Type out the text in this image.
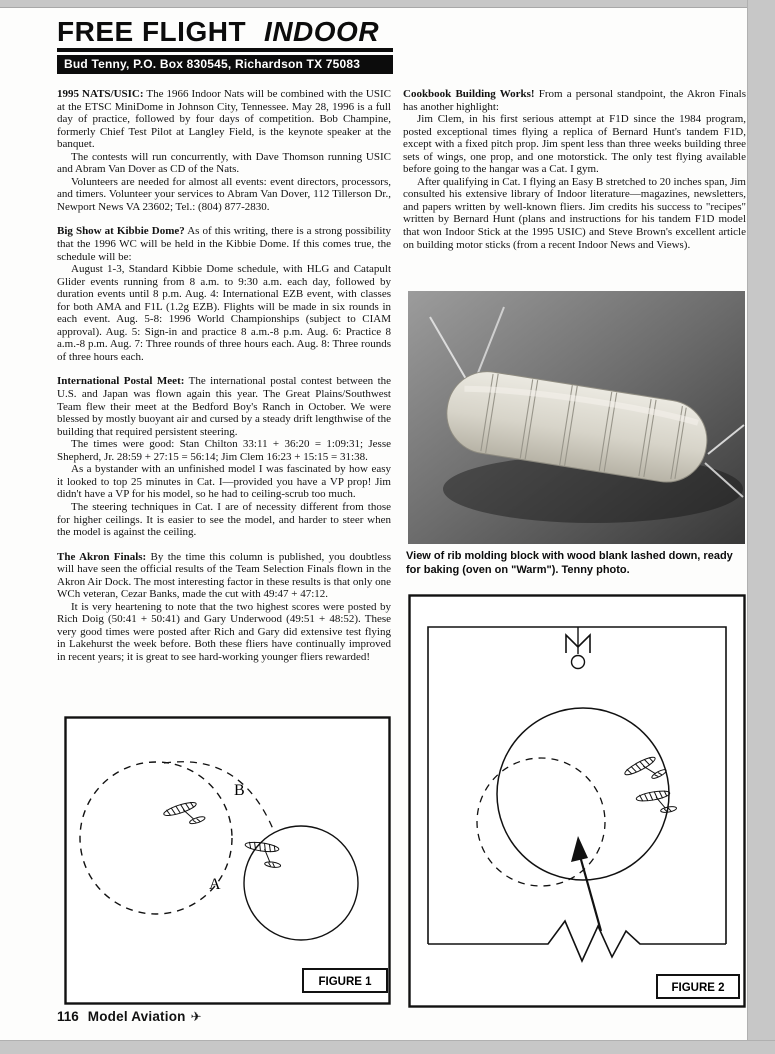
FREE FLIGHT INDOOR
Bud Tenny, P.O. Box 830545, Richardson TX 75083

1995 NATS/USIC: The 1966 Indoor Nats will be combined with the USIC at the ETSC MiniDome in Johnson City, Tennessee. May 28, 1996 is a full day of practice, followed by four days of competition. Bob Champine, formerly Chief Test Pilot at Langley Field, is the keynote speaker at the banquet.

The contests will run concurrently, with Dave Thomson running USIC and Abram Van Dover as CD of the Nats.

Volunteers are needed for almost all events: event directors, processors, and timers. Volunteer your services to Abram Van Dover, 112 Tillerson Dr., Newport News VA 23602; Tel.: (804) 877-2830.

Big Show at Kibbie Dome? As of this writing, there is a strong possibility that the 1996 WC will be held in the Kibbie Dome. If this comes true, the schedule will be:

August 1-3, Standard Kibbie Dome schedule, with HLG and Catapult Glider events running from 8 a.m. to 9:30 a.m. each day, followed by duration events until 8 p.m. Aug. 4: International EZB event, with classes for both AMA and F1L (1.2g EZB). Flights will be made in six rounds in each event. Aug. 5-8: 1996 World Championships (subject to CIAM approval). Aug. 5: Sign-in and practice 8 a.m.-8 p.m. Aug. 6: Practice 8 a.m.-8 p.m. Aug. 7: Three rounds of three hours each. Aug. 8: Three rounds of three hours each.

International Postal Meet: The international postal contest between the U.S. and Japan was flown again this year. The Great Plains/Southwest Team flew their meet at the Bedford Boy's Ranch in October. We were blessed by mostly buoyant air and cursed by a steady drift lengthwise of the building that required persistent steering.

The times were good: Stan Chilton 33:11 + 36:20 = 1:09:31; Jesse Shepherd, Jr. 28:59 + 27:15 = 56:14; Jim Clem 16:23 + 15:15 = 31:38.

As a bystander with an unfinished model I was fascinated by how easy it looked to top 25 minutes in Cat. I—provided you have a VP prop! Jim didn't have a VP for his model, so he had to ceiling-scrub too much.

The steering techniques in Cat. I are of necessity different from those for higher ceilings. It is easier to see the model, and harder to steer when the model is against the ceiling.

The Akron Finals: By the time this column is published, you doubtless will have seen the official results of the Team Selection Finals flown in the Akron Air Dock. The most interesting factor in these results is that only one WCh veteran, Cezar Banks, made the cut with 49:47 + 47:12.

It is very heartening to note that the two highest scores were posted by Rich Doig (50:41 + 50:41) and Gary Underwood (49:51 + 48:52). These very good times were posted after Rich and Gary did extensive test flying in Lakehurst the week before. Both these fliers have continually improved in recent years; it is great to see hard-working younger fliers rewarded!

Cookbook Building Works! From a personal standpoint, the Akron Finals has another highlight:

Jim Clem, in his first serious attempt at F1D since the 1984 program, posted exceptional times flying a replica of Bernard Hunt's tandem F1D, except with a fixed pitch prop. Jim spent less than three weeks building three sets of wings, one prop, and one motorstick. The only test flying available before going to the hangar was a Cat. I gym.

After qualifying in Cat. I flying an Easy B stretched to 20 inches span, Jim consulted his extensive library of Indoor literature—magazines, newsletters, and papers written by well-known fliers. Jim credits his success to "recipes" written by Bernard Hunt (plans and instructions for his tandem F1D model that won Indoor Stick at the 1995 USIC) and Steve Brown's excellent article on building motor sticks (from a recent Indoor News and Views).

View of rib molding block with wood blank lashed down, ready for baking (oven on "Warm"). Tenny photo.
B
A
FIGURE 1	FIGURE 2
116 Model Aviation ✈
